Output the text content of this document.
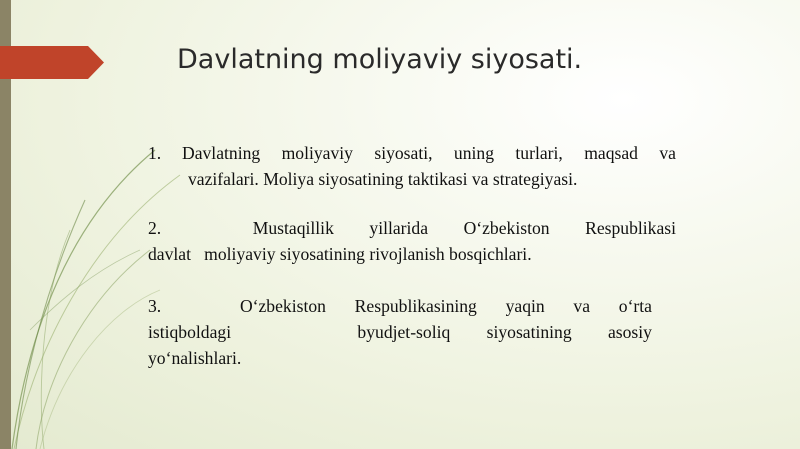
Davlatning moliyaviy siyosati.
1.	Davlatning moliyaviy siyosati, uning turlari, maqsad va
vazifalari. Moliya siyosatining taktikasi va strategiyasi.
2.	Mustaqillik yillarida O‘zbekiston Respublikasi
davlat   moliyaviy siyosatining rivojlanish bosqichlari.
3.	O‘zbekiston Respublikasining yaqin va o‘rta
istiqboldagi	byudjet-soliq siyosatining asosiy
yo‘nalishlari.
